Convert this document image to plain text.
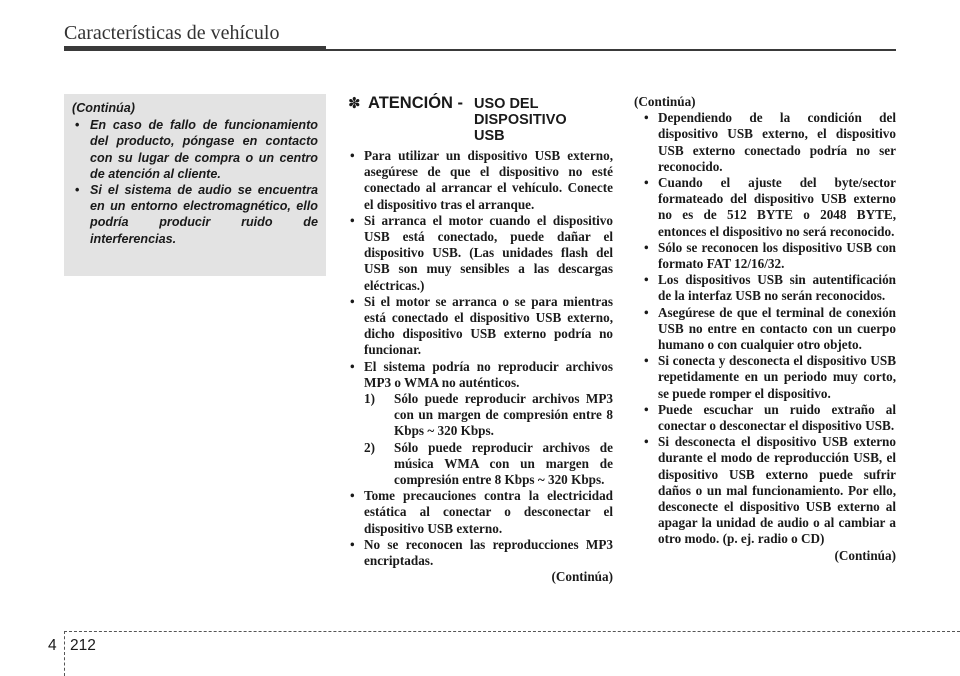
Características de vehículo
(Continúa)
• En caso de fallo de funcionamiento del producto, póngase en contacto con su lugar de compra o un centro de atención al cliente.
• Si el sistema de audio se encuentra en un entorno electromagnético, ello podría producir ruido de interferencias.
✽ ATENCIÓN - USO DEL DISPOSITIVO USB
• Para utilizar un dispositivo USB externo, asegúrese de que el dispositivo no esté conectado al arrancar el vehículo. Conecte el dispositivo tras el arranque.
• Si arranca el motor cuando el dispositivo USB está conectado, puede dañar el dispositivo USB. (Las unidades flash del USB son muy sensibles a las descargas eléctricas.)
• Si el motor se arranca o se para mientras está conectado el dispositivo USB externo, dicho dispositivo USB externo podría no funcionar.
• El sistema podría no reproducir archivos MP3 o WMA no auténticos.
1) Sólo puede reproducir archivos MP3 con un margen de compresión entre 8 Kbps ~ 320 Kbps.
2) Sólo puede reproducir archivos de música WMA con un margen de compresión entre 8 Kbps ~ 320 Kbps.
• Tome precauciones contra la electricidad estática al conectar o desconectar el dispositivo USB externo.
• No se reconocen las reproducciones MP3 encriptadas.
(Continúa)
(Continúa)
• Dependiendo de la condición del dispositivo USB externo, el dispositivo USB externo conectado podría no ser reconocido.
• Cuando el ajuste del byte/sector formateado del dispositivo USB externo no es de 512 BYTE o 2048 BYTE, entonces el dispositivo no será reconocido.
• Sólo se reconocen los dispositivo USB con formato FAT 12/16/32.
• Los dispositivos USB sin autentificación de la interfaz USB no serán reconocidos.
• Asegúrese de que el terminal de conexión USB no entre en contacto con un cuerpo humano o con cualquier otro objeto.
• Si conecta y desconecta el dispositivo USB repetidamente en un periodo muy corto, se puede romper el dispositivo.
• Puede escuchar un ruido extraño al conectar o desconectar el dispositivo USB.
• Si desconecta el dispositivo USB externo durante el modo de reproducción USB, el dispositivo USB externo puede sufrir daños o un mal funcionamiento. Por ello, desconecte el dispositivo USB externo al apagar la unidad de audio o al cambiar a otro modo. (p. ej. radio o CD)
(Continúa)
4 212
